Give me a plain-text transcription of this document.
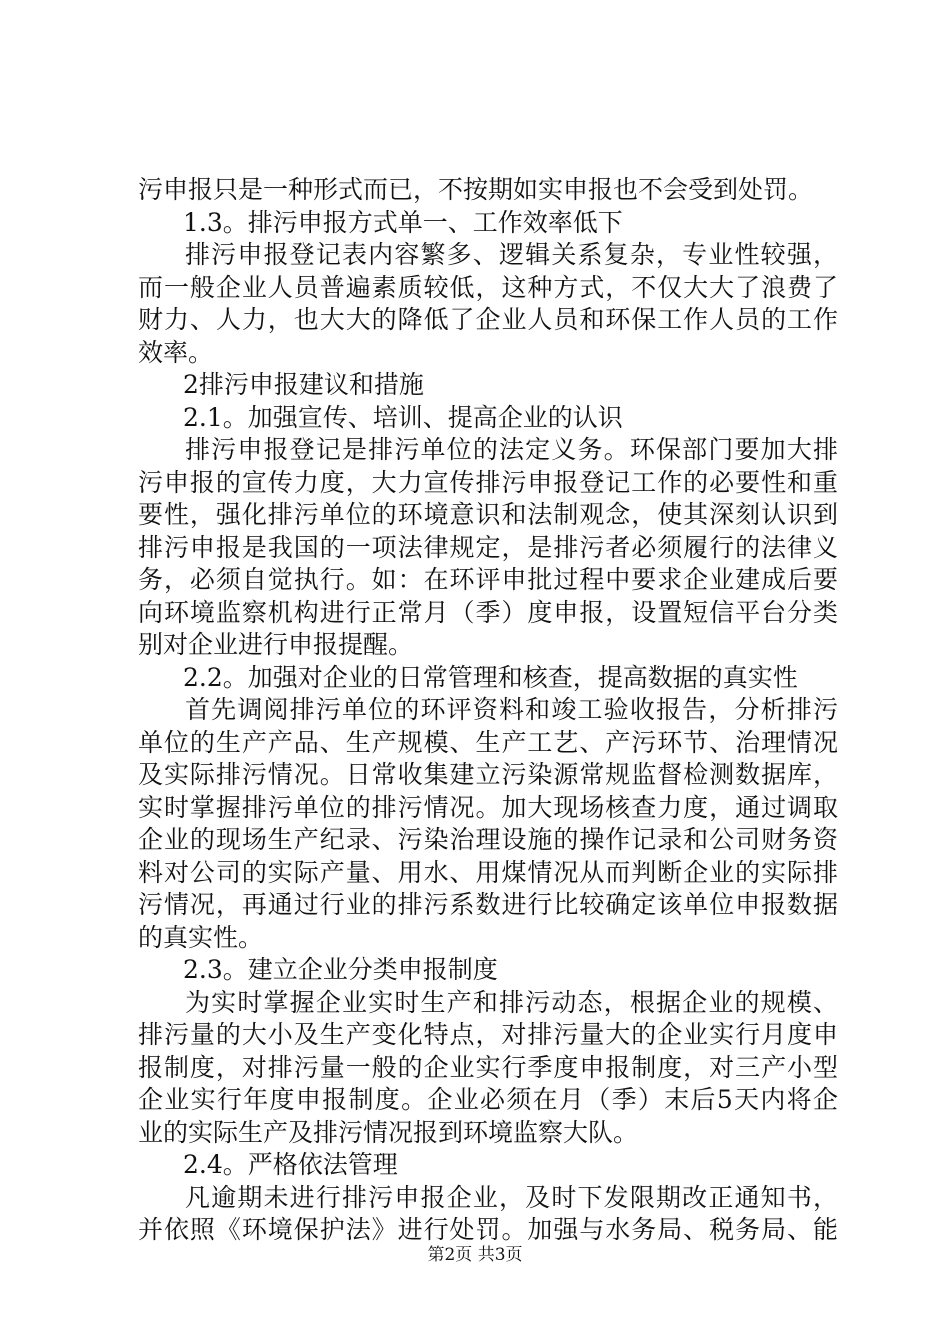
污申报只是一种形式而已，不按期如实申报也不会受到处罚。
1.3。排污申报方式单一、工作效率低下
排污申报登记表内容繁多、逻辑关系复杂，专业性较强，
而一般企业人员普遍素质较低，这种方式，不仅大大了浪费了
财力、人力，也大大的降低了企业人员和环保工作人员的工作
效率。
2排污申报建议和措施
2.1。加强宣传、培训、提高企业的认识
排污申报登记是排污单位的法定义务。环保部门要加大排
污申报的宣传力度，大力宣传排污申报登记工作的必要性和重
要性，强化排污单位的环境意识和法制观念，使其深刻认识到
排污申报是我国的一项法律规定，是排污者必须履行的法律义
务，必须自觉执行。如：在环评申批过程中要求企业建成后要
向环境监察机构进行正常月（季）度申报，设置短信平台分类
别对企业进行申报提醒。
2.2。加强对企业的日常管理和核查，提高数据的真实性
首先调阅排污单位的环评资料和竣工验收报告，分析排污
单位的生产产品、生产规模、生产工艺、产污环节、治理情况
及实际排污情况。日常收集建立污染源常规监督检测数据库，
实时掌握排污单位的排污情况。加大现场核查力度，通过调取
企业的现场生产纪录、污染治理设施的操作记录和公司财务资
料对公司的实际产量、用水、用煤情况从而判断企业的实际排
污情况，再通过行业的排污系数进行比较确定该单位申报数据
的真实性。
2.3。建立企业分类申报制度
为实时掌握企业实时生产和排污动态，根据企业的规模、
排污量的大小及生产变化特点，对排污量大的企业实行月度申
报制度，对排污量一般的企业实行季度申报制度，对三产小型
企业实行年度申报制度。企业必须在月（季）末后5天内将企
业的实际生产及排污情况报到环境监察大队。
2.4。严格依法管理
凡逾期未进行排污申报企业，及时下发限期改正通知书，
并依照《环境保护法》进行处罚。加强与水务局、税务局、能
第2页 共3页
